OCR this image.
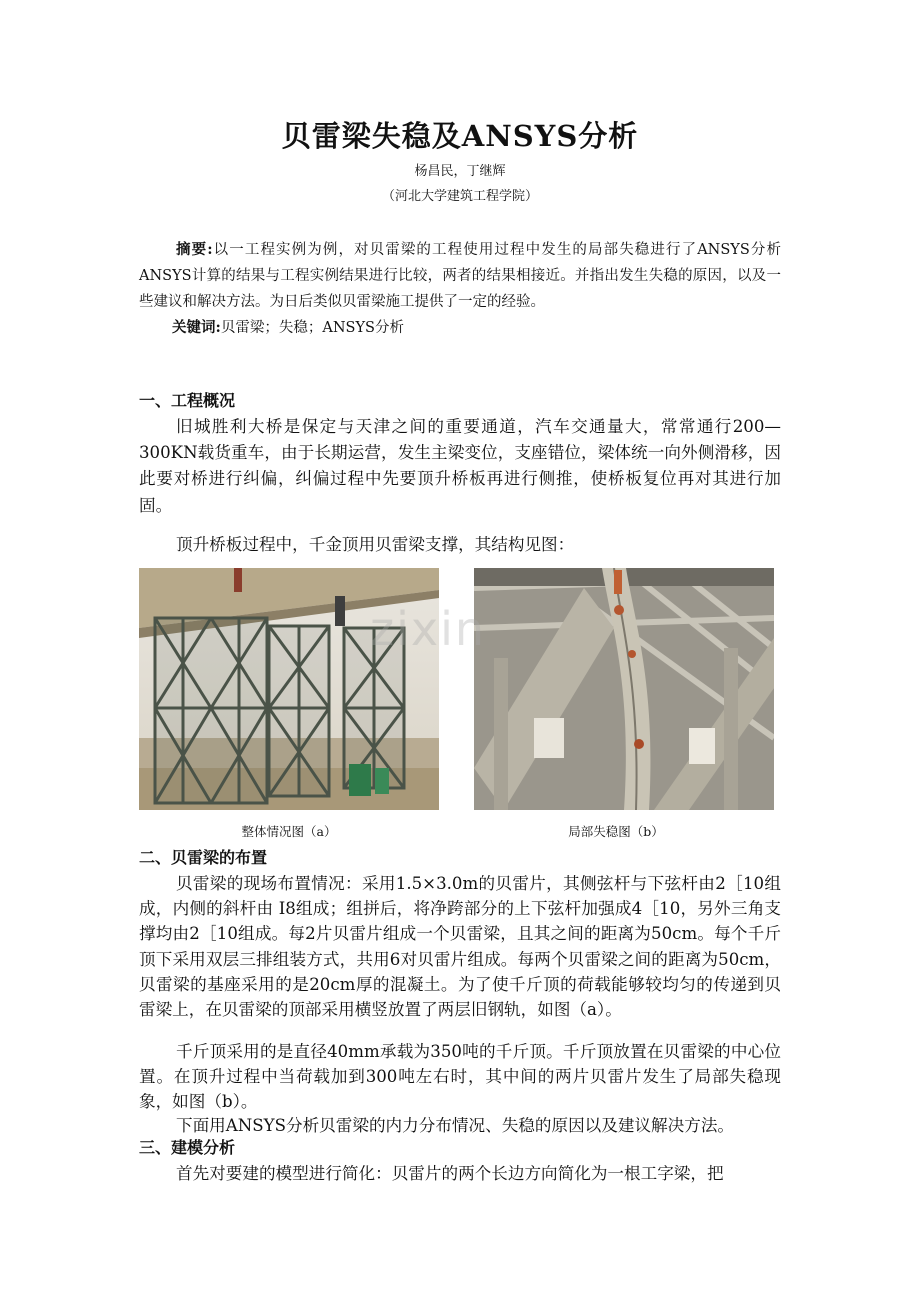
贝雷梁失稳及ANSYS分析
杨昌民，丁继辉
（河北大学建筑工程学院）

摘要:以一工程实例为例，对贝雷梁的工程使用过程中发生的局部失稳进行了ANSYS分析ANSYS计算的结果与工程实例结果进行比较，两者的结果相接近。并指出发生失稳的原因，以及一些建议和解决方法。为日后类似贝雷梁施工提供了一定的经验。

关键词:贝雷梁；失稳；ANSYS分析

一、工程概况

旧城胜利大桥是保定与天津之间的重要通道，汽车交通量大，常常通行200—300KN载货重车，由于长期运营，发生主梁变位，支座错位，梁体统一向外侧滑移，因此要对桥进行纠偏，纠偏过程中先要顶升桥板再进行侧推，使桥板复位再对其进行加固。

顶升桥板过程中，千金顶用贝雷梁支撑，其结构见图：

zixin
整体情况图（a）	局部失稳图（b）
二、贝雷梁的布置

贝雷梁的现场布置情况：采用1.5×3.0m的贝雷片，其侧弦杆与下弦杆由2［10组成，内侧的斜杆由 I8组成；组拼后，将净跨部分的上下弦杆加强成4［10，另外三角支撑均由2［10组成。每2片贝雷片组成一个贝雷梁，且其之间的距离为50cm。每个千斤顶下采用双层三排组装方式，共用6对贝雷片组成。每两个贝雷梁之间的距离为50cm，贝雷梁的基座采用的是20cm厚的混凝土。为了使千斤顶的荷载能够较均匀的传递到贝雷梁上，在贝雷梁的顶部采用横竖放置了两层旧钢轨，如图（a）。

千斤顶采用的是直径40mm承载为350吨的千斤顶。千斤顶放置在贝雷梁的中心位置。在顶升过程中当荷载加到300吨左右时，其中间的两片贝雷片发生了局部失稳现象，如图（b）。

下面用ANSYS分析贝雷梁的内力分布情况、失稳的原因以及建议解决方法。

三、建模分析

首先对要建的模型进行简化：贝雷片的两个长边方向简化为一根工字梁，把
